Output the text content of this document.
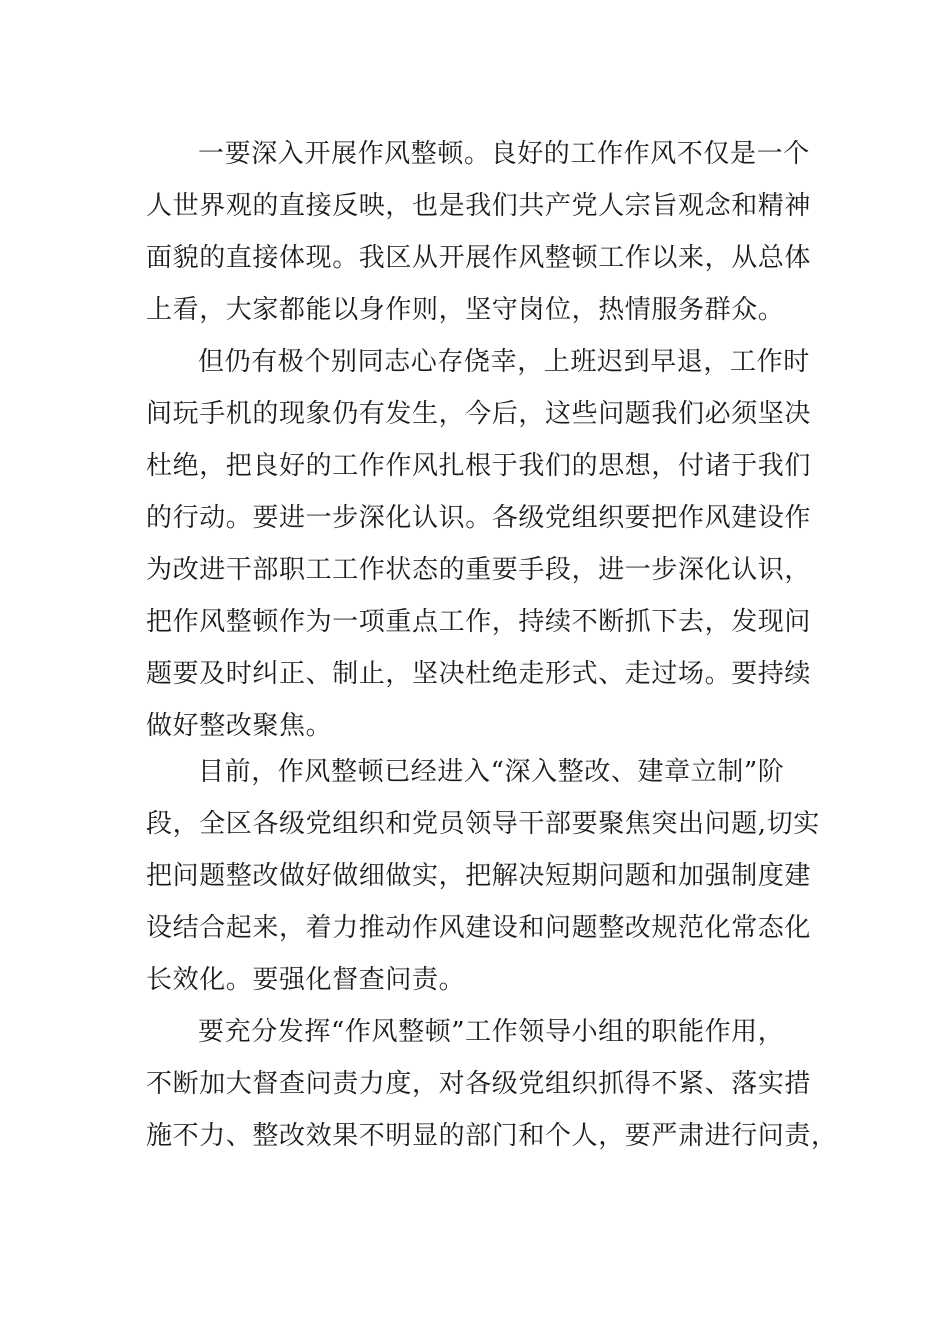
一要深入开展作风整顿。良好的工作作风不仅是一个
人世界观的直接反映，也是我们共产党人宗旨观念和精神
面貌的直接体现。我区从开展作风整顿工作以来，从总体
上看，大家都能以身作则，坚守岗位，热情服务群众。
但仍有极个别同志心存侥幸，上班迟到早退，工作时
间玩手机的现象仍有发生，今后，这些问题我们必须坚决
杜绝，把良好的工作作风扎根于我们的思想，付诸于我们
的行动。要进一步深化认识。各级党组织要把作风建设作
为改进干部职工工作状态的重要手段，进一步深化认识，
把作风整顿作为一项重点工作，持续不断抓下去，发现问
题要及时纠正、制止，坚决杜绝走形式、走过场。要持续
做好整改聚焦。
目前，作风整顿已经进入“深入整改、建章立制”阶
段，全区各级党组织和党员领导干部要聚焦突出问题,切实
把问题整改做好做细做实，把解决短期问题和加强制度建
设结合起来，着力推动作风建设和问题整改规范化常态化
长效化。要强化督查问责。
要充分发挥“作风整顿”工作领导小组的职能作用，
不断加大督查问责力度，对各级党组织抓得不紧、落实措
施不力、整改效果不明显的部门和个人，要严肃进行问责，
